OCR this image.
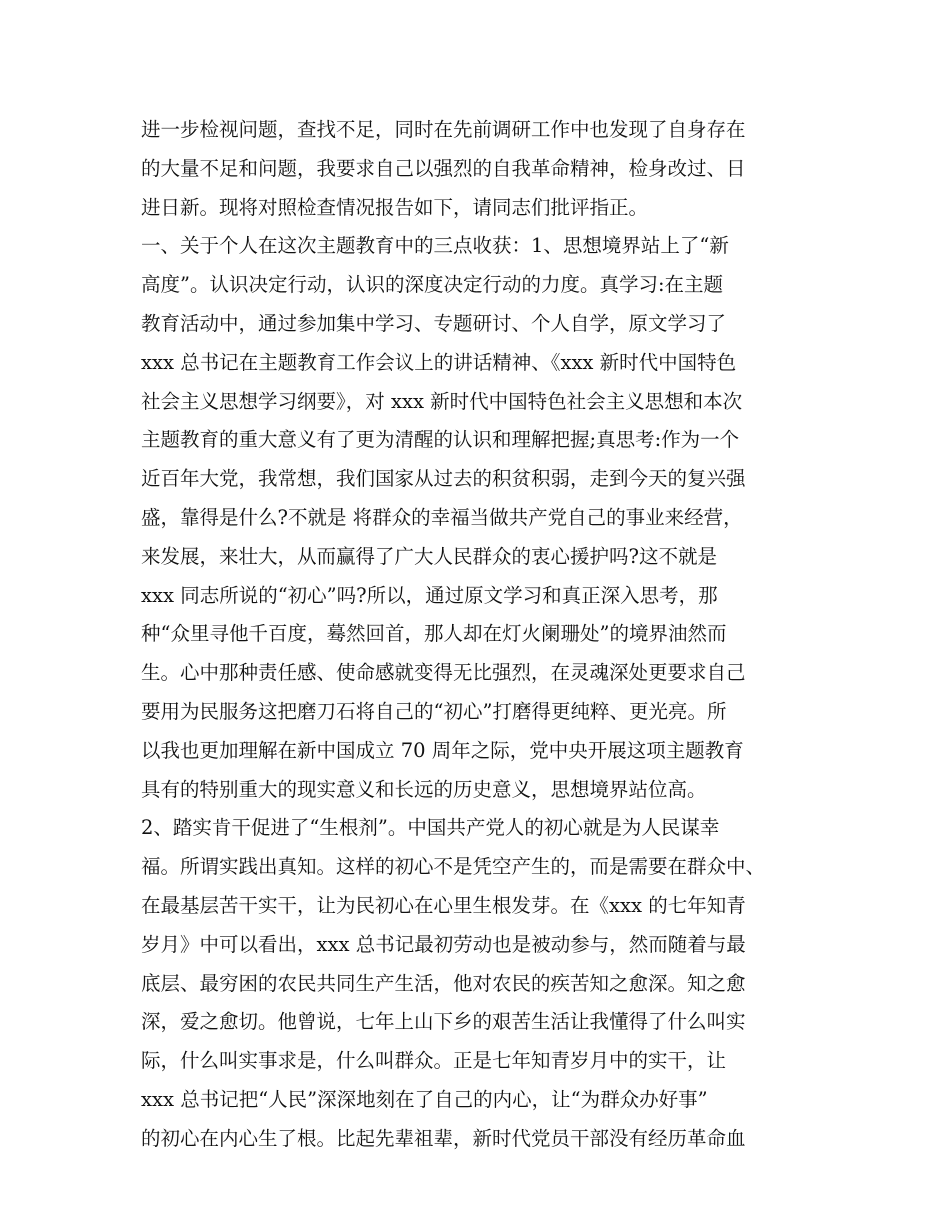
进一步检视问题，查找不足，同时在先前调研工作中也发现了自身存在
的大量不足和问题，我要求自己以强烈的自我革命精神，检身改过、日
进日新。现将对照检查情况报告如下，请同志们批评指正。
一、关于个人在这次主题教育中的三点收获：1、思想境界站上了“新
高度”。认识决定行动，认识的深度决定行动的力度。真学习:在主题
教育活动中，通过参加集中学习、专题研讨、个人自学，原文学习了
xxx 总书记在主题教育工作会议上的讲话精神、《xxx 新时代中国特色
社会主义思想学习纲要》，对 xxx 新时代中国特色社会主义思想和本次
主题教育的重大意义有了更为清醒的认识和理解把握;真思考:作为一个
近百年大党，我常想，我们国家从过去的积贫积弱，走到今天的复兴强
盛，靠得是什么?不就是 将群众的幸福当做共产党自己的事业来经营，
来发展，来壮大，从而赢得了广大人民群众的衷心援护吗?这不就是
xxx 同志所说的“初心”吗?所以，通过原文学习和真正深入思考，那
种“众里寻他千百度，蓦然回首，那人却在灯火阑珊处”的境界油然而
生。心中那种责任感、使命感就变得无比强烈，在灵魂深处更要求自己
要用为民服务这把磨刀石将自己的“初心”打磨得更纯粹、更光亮。所
以我也更加理解在新中国成立 70 周年之际，党中央开展这项主题教育
具有的特别重大的现实意义和长远的历史意义，思想境界站位高。
2、踏实肯干促进了“生根剂”。中国共产党人的初心就是为人民谋幸
福。所谓实践出真知。这样的初心不是凭空产生的，而是需要在群众中、
在最基层苦干实干，让为民初心在心里生根发芽。在《xxx 的七年知青
岁月》中可以看出，xxx 总书记最初劳动也是被动参与，然而随着与最
底层、最穷困的农民共同生产生活，他对农民的疾苦知之愈深。知之愈
深，爱之愈切。他曾说，七年上山下乡的艰苦生活让我懂得了什么叫实
际，什么叫实事求是，什么叫群众。正是七年知青岁月中的实干，让
xxx 总书记把“人民”深深地刻在了自己的内心，让“为群众办好事”
的初心在内心生了根。比起先辈祖辈，新时代党员干部没有经历革命血
